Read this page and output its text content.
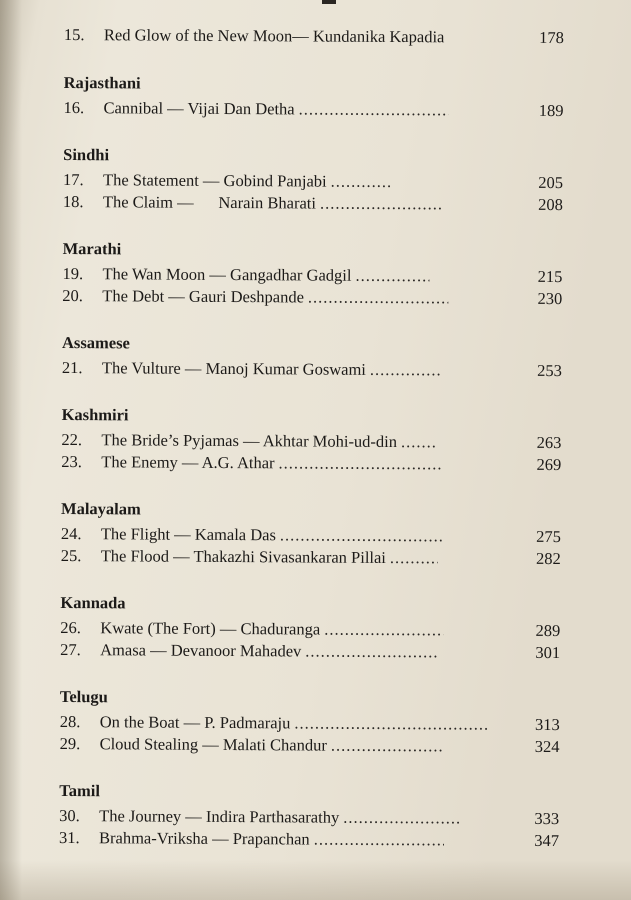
15.	Red Glow of the New Moon— Kundanika Kapadia	178
Rajasthani
16.	Cannibal — Vijai Dan Detha .....	189
Sindhi
17.	The Statement — Gobind Panjabi .....	205
18.	The Claim —      Narain Bharati .....	208
Marathi
19.	The Wan Moon — Gangadhar Gadgil .....	215
20.	The Debt — Gauri Deshpande .....	230
Assamese
21.	The Vulture — Manoj Kumar Goswami .....	253
Kashmiri
22.	The Bride’s Pyjamas — Akhtar Mohi-ud-din .....	263
23.	The Enemy — A.G. Athar .....	269
Malayalam
24.	The Flight — Kamala Das .....	275
25.	The Flood — Thakazhi Sivasankaran Pillai .....	282
Kannada
26.	Kwate (The Fort) — Chaduranga .....	289
27.	Amasa — Devanoor Mahadev .....	301
Telugu
28.	On the Boat — P. Padmaraju .....	313
29.	Cloud Stealing — Malati Chandur .....	324
Tamil
30.	The Journey — Indira Parthasarathy .....	333
31.	Brahma-Vriksha — Prapanchan .....	347
